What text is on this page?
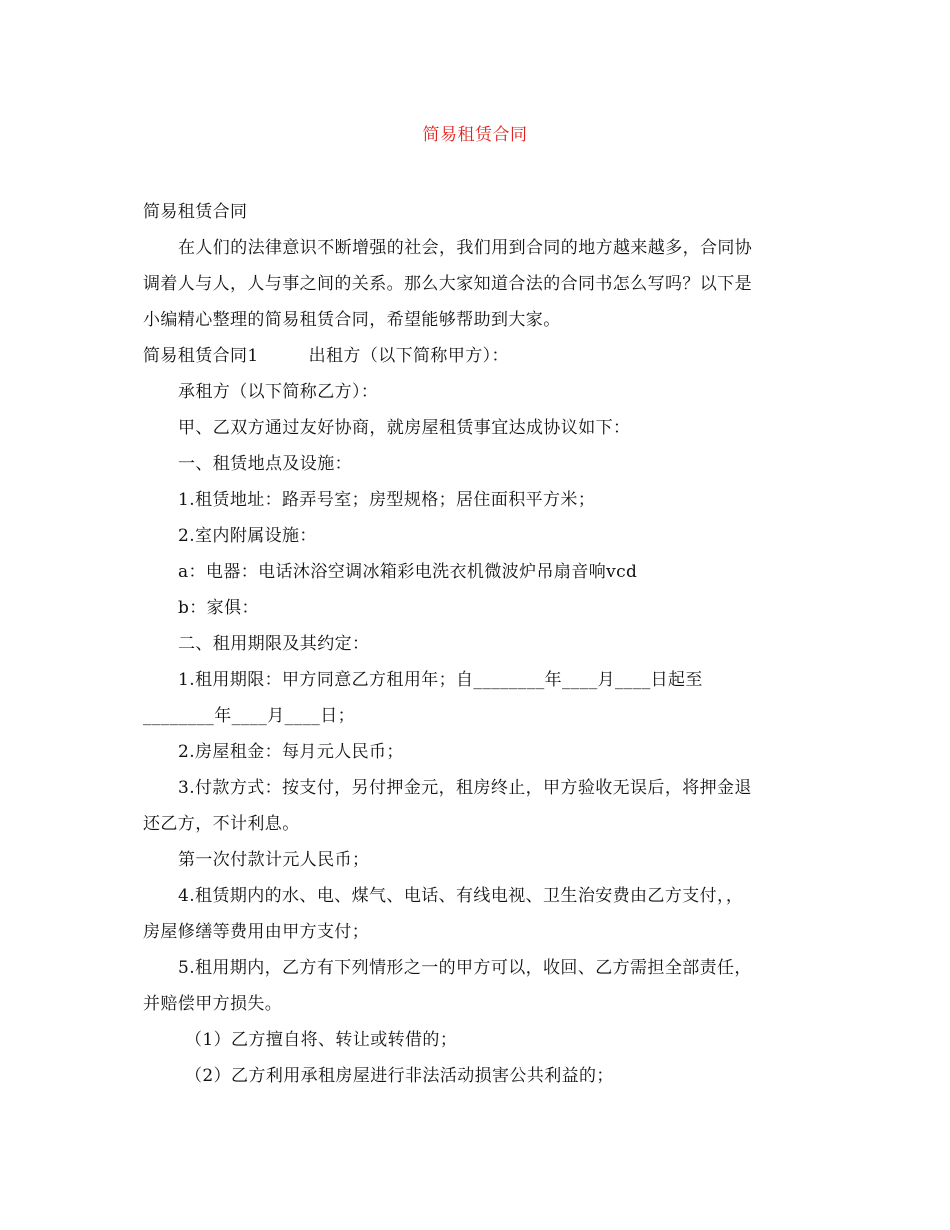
简易租赁合同

简易租赁合同

在人们的法律意识不断增强的社会，我们用到合同的地方越来越多，合同协

调着人与人，人与事之间的关系。那么大家知道合法的合同书怎么写吗？以下是

小编精心整理的简易租赁合同，希望能够帮助到大家。

简易租赁合同1	出租方（以下简称甲方）：

承租方（以下简称乙方）：

甲、乙双方通过友好协商，就房屋租赁事宜达成协议如下：

一、租赁地点及设施：

1.租赁地址：路弄号室；房型规格；居住面积平方米；

2.室内附属设施：

a：电器：电话沐浴空调冰箱彩电洗衣机微波炉吊扇音响vcd

b：家俱：

二、租用期限及其约定：

1.租用期限：甲方同意乙方租用年；自________年____月____日起至

________年____月____日；

2.房屋租金：每月元人民币；

3.付款方式：按支付，另付押金元，租房终止，甲方验收无误后，将押金退

还乙方，不计利息。

第一次付款计元人民币；

4.租赁期内的水、电、煤气、电话、有线电视、卫生治安费由乙方支付，，

房屋修缮等费用由甲方支付；

5.租用期内，乙方有下列情形之一的甲方可以，收回、乙方需担全部责任，

并赔偿甲方损失。

（1）乙方擅自将、转让或转借的；

（2）乙方利用承租房屋进行非法活动损害公共利益的；
